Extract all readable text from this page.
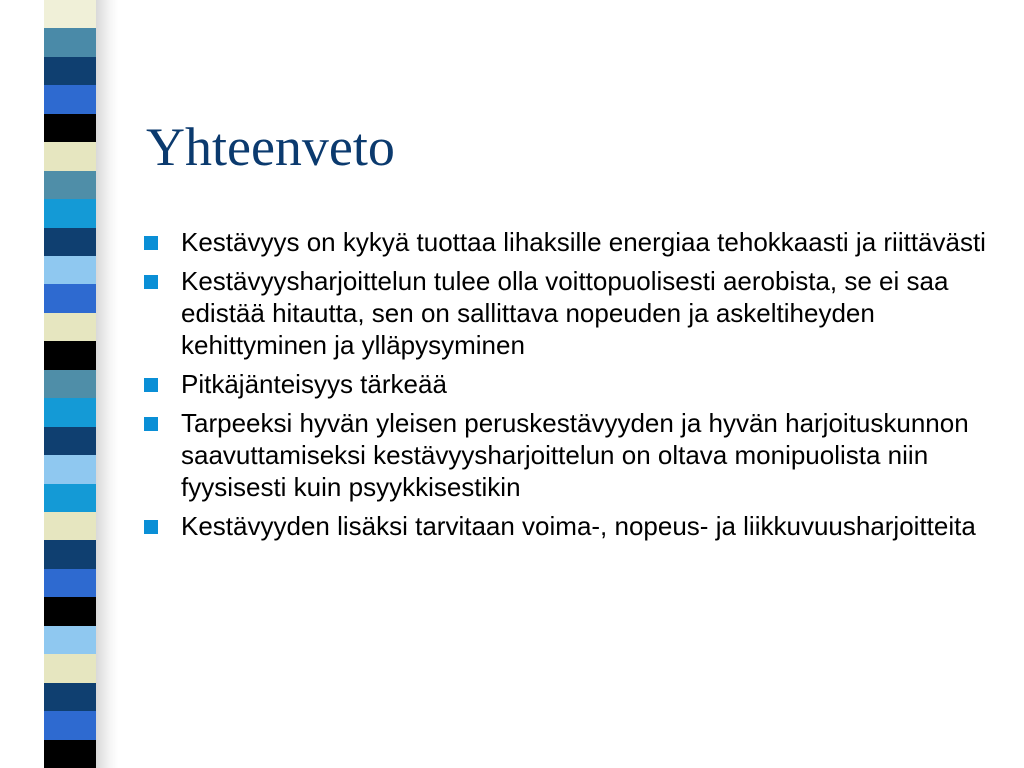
Yhteenveto
Kestävyys on kykyä tuottaa lihaksille energiaa tehokkaasti ja riittävästi
Kestävyysharjoittelun tulee olla voittopuolisesti aerobista, se ei saa edistää hitautta, sen on sallittava nopeuden ja askeltiheyden kehittyminen ja ylläpysyminen
Pitkäjänteisyys tärkeää
Tarpeeksi hyvän yleisen peruskestävyyden ja hyvän harjoituskunnon saavuttamiseksi kestävyysharjoittelun on oltava monipuolista niin fyysisesti kuin psyykkisestikin
Kestävyyden lisäksi tarvitaan voima-, nopeus- ja liikkuvuusharjoitteita
